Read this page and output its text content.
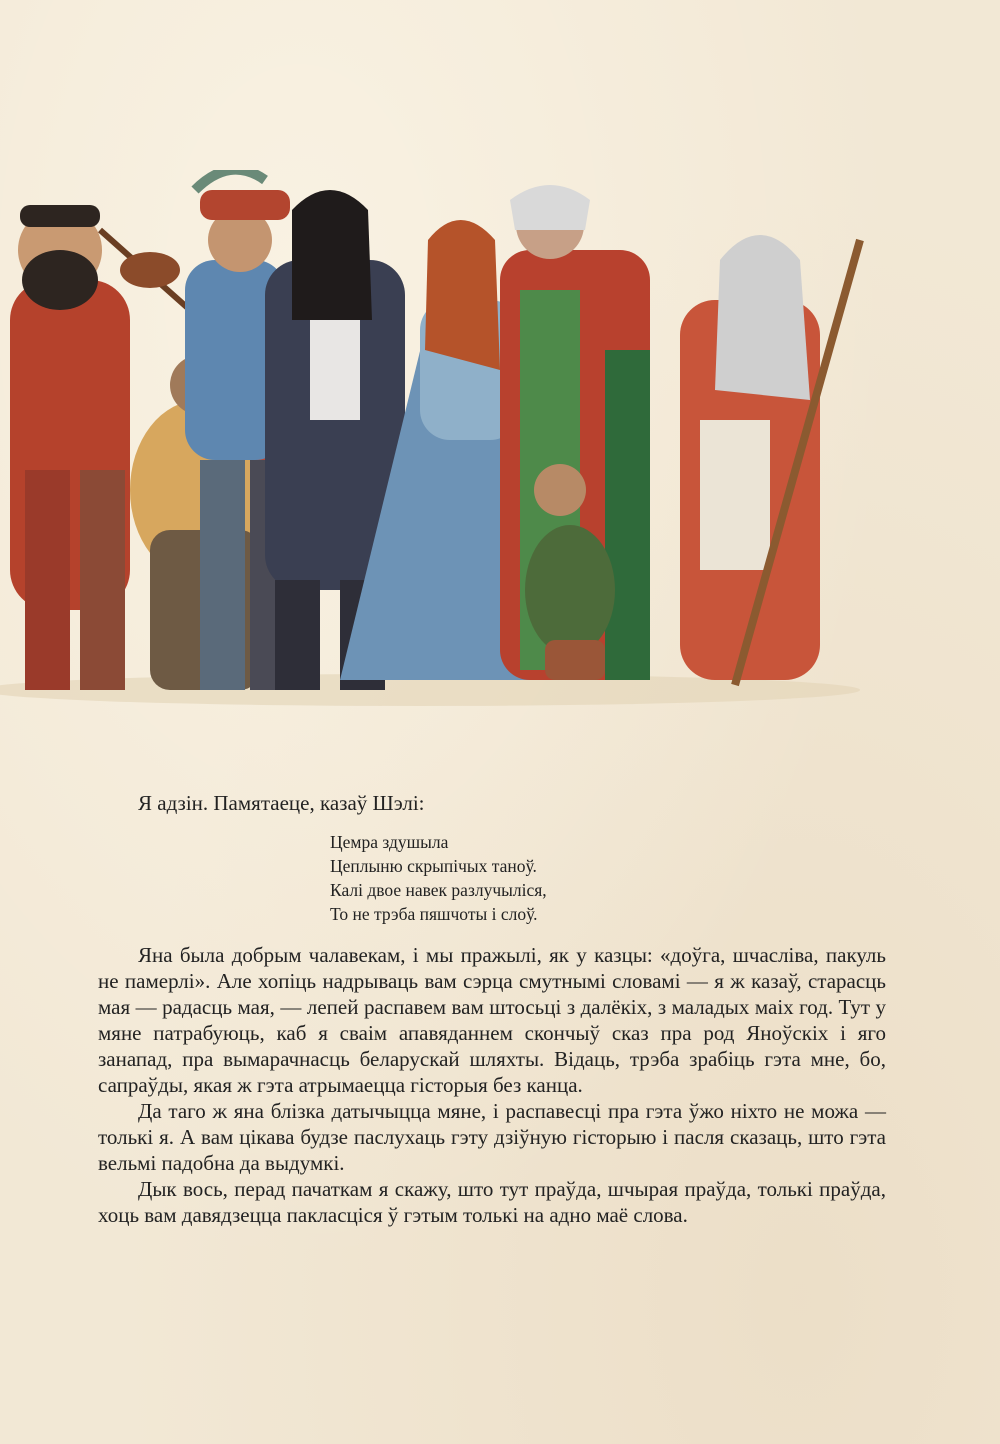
Я адзін. Памятаеце, казаў Шэлі:

Цемра здушыла
Цеплыню скрыпічых таноў.
Калі двое навек разлучыліся,
То не трэба пяшчоты і слоў.

Яна была добрым чалавекам, і мы пражылі, як у казцы: «доўга, шчаслiва, пакуль не памерлі». Але хопіць надрываць вам сэрца смутнымі словамі — я ж казаў, старасць мая — радасць мая, — лепей распавем вам штосьці з далёкіх, з маладых маіх год. Тут у мяне патрабуюць, каб я сваім апавяданнем скончыў сказ пра род Яноўскіх і яго занапад, пра вымарачнасць беларускай шляхты. Відаць, трэба зрабіць гэта мне, бо, сапраўды, якая ж гэта атрымаецца гісторыя без канца.

Да таго ж яна блізка датычыцца мяне, і распавесці пра гэта ўжо ніхто не можа — толькі я. А вам цікава будзе паслухаць гэту дзіўную гісторыю і пасля сказаць, што гэта вельмі падобна да выдумкі.

Дык вось, перад пачаткам я скажу, што тут праўда, шчырая праўда, толькі праўда, хоць вам давядзецца пакласціся ў гэтым толькі на адно маё слова.
